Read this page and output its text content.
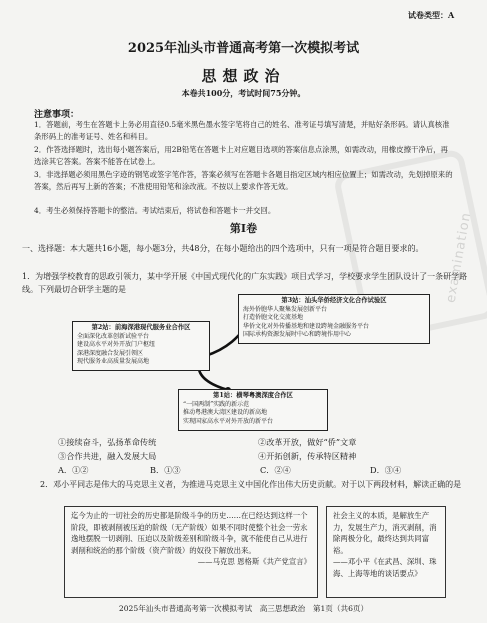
examination
试卷类型：A
2025年汕头市普通高考第一次模拟考试
思想政治
本卷共100分，考试时间75分钟。
注意事项：
1．答题前，考生在答题卡上务必用直径0.5毫米黑色墨水签字笔将自己的姓名、准考证号填写清楚，并贴好条形码。请认真核准条形码上的准考证号、姓名和科目。
2．作答选择题时，选出每小题答案后，用2B铅笔在答题卡上对应题目选项的答案信息点涂黑，如需改动，用橡皮擦干净后，再选涂其它答案。答案不能答在试卷上。
3．非选择题必须用黑色字迹的钢笔或签字笔作答，答案必须写在答题卡各题目指定区域内相应位置上；如需改动，先划掉原来的答案，然后再写上新的答案；不准使用铅笔和涂改液。不按以上要求作答无效。
4．考生必须保持答题卡的整洁。考试结束后，将试卷和答题卡一并交回。
第Ⅰ卷
一、选择题：本大题共16小题，每小题3分，共48分，在每小题给出的四个选项中，只有一项是符合题目要求的。
1．为增强学校教育的思政引领力，某中学开展《中国式现代化的广东实践》项目式学习，学校要求学生团队设计了一条研学路线。下列最切合研学主题的是
第3站：汕头华侨经济文化合作试验区
海外侨胞华人聚集发展创新平台
打造侨胞文化交流基地
华侨文化对外传播基地和建设跨境金融服务平台
国际承构资源发展时中心和跨境作用中心
第2站：前海深港现代服务业合作区
全面深化改革创新试验平台
建设高水平对外开放门户枢纽
深港深度融合发展引领区
现代服务业高质量发展高地
第1站：横琴粤澳深度合作区
“一国两制”实践的新示范
推动粤港澳大湾区建设的新高地
实现国家高水平对外开放的新平台
①接续奋斗，弘扬革命传统	②改革开放，做好“侨”文章
③合作共进，融入发展大局	④开拓创新，传承特区精神
A．①②	B．①③	C．②④	D．③④
2．邓小平同志是伟大的马克思主义者，为推进马克思主义中国化作出伟大历史贡献。对于以下两段材料，解读正确的是
迄今为止的一切社会的历史都是阶级斗争的历史……在已经达到这样一个阶段，即被剥削被压迫的阶级（无产阶级）如果不同时使整个社会一劳永逸地摆脱一切剥削、压迫以及阶级差别和阶级斗争，就不能使自己从进行剥削和统治的那个阶级（资产阶级）的奴役下解放出来。
——马克思 恩格斯《共产党宣言》
社会主义的本质，是解放生产力，发展生产力，消灭剥削，消除两极分化，最终达到共同富裕。
——邓小平《在武昌、深圳、珠海、上海等地的谈话要点》
2025年汕头市普通高考第一次模拟考试　高三思想政治　第1页（共6页）
